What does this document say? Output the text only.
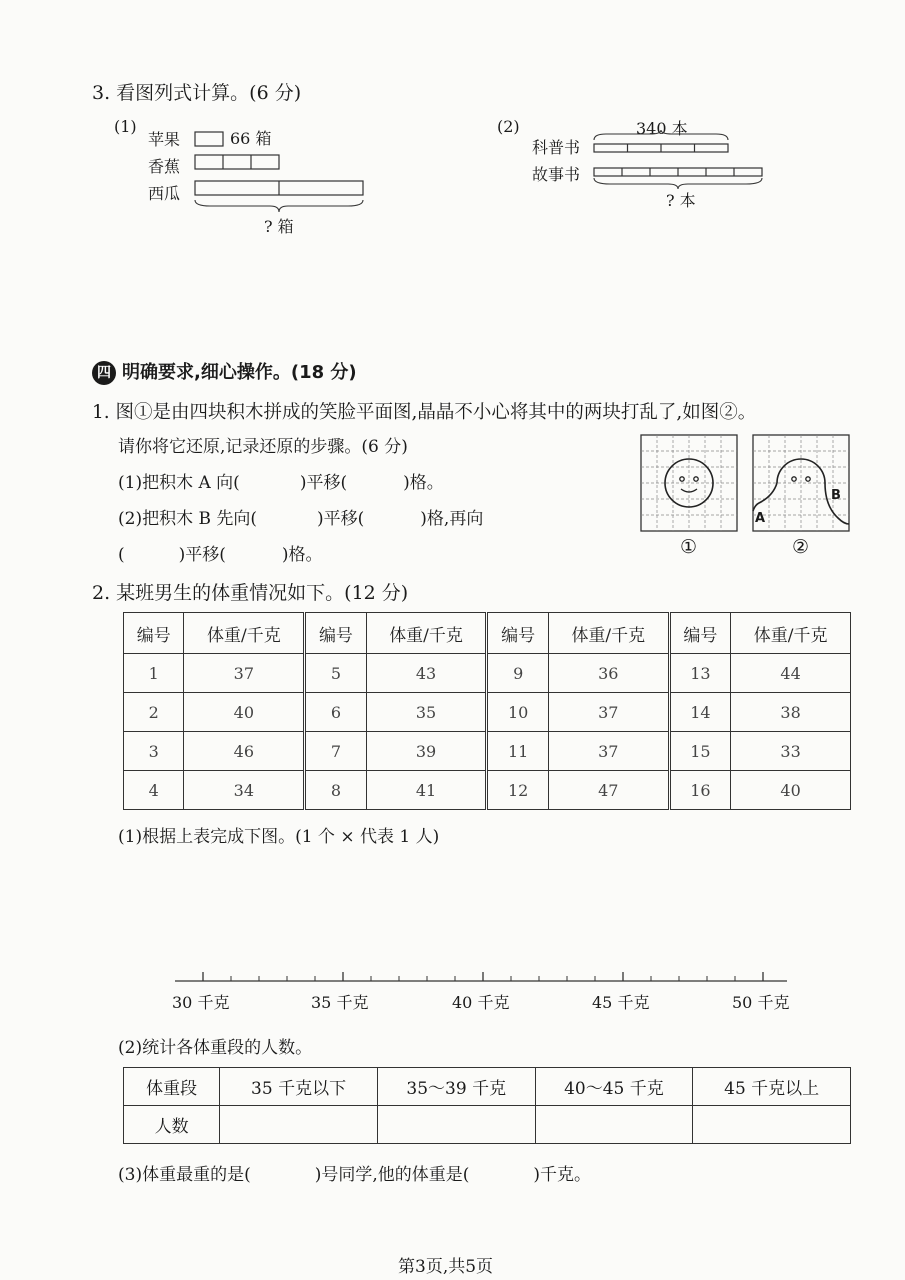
3. 看图列式计算。(6 分)
(1)
苹果
香蕉
西瓜
66 箱
? 箱
(2)	340 本
科普书
故事书
? 本
四 明确要求,细心操作。(18 分)
1. 图①是由四块积木拼成的笑脸平面图,晶晶不小心将其中的两块打乱了,如图②。
请你将它还原,记录还原的步骤。(6 分)
(1)把积木 A 向(	)平移(	)格。
(2)把积木 B 先向(	)平移(	)格,再向
(	)平移(	)格。	①
A
B
②
2. 某班男生的体重情况如下。(12 分)
编号	体重/千克	编号	体重/千克	编号	体重/千克	编号	体重/千克
1	37	5	43	9	36	13	44
2	40	6	35	10	37	14	38
3	46	7	39	11	37	15	33
4	34	8	41	12	47	16	40
(1)根据上表完成下图。(1 个 × 代表 1 人)
30 千克	35 千克	40 千克	45 千克	50 千克
(2)统计各体重段的人数。
体重段	35 千克以下	35～39 千克	40～45 千克	45 千克以上
人数				
(3)体重最重的是(	)号同学,他的体重是(	)千克。
第3页,共5页
